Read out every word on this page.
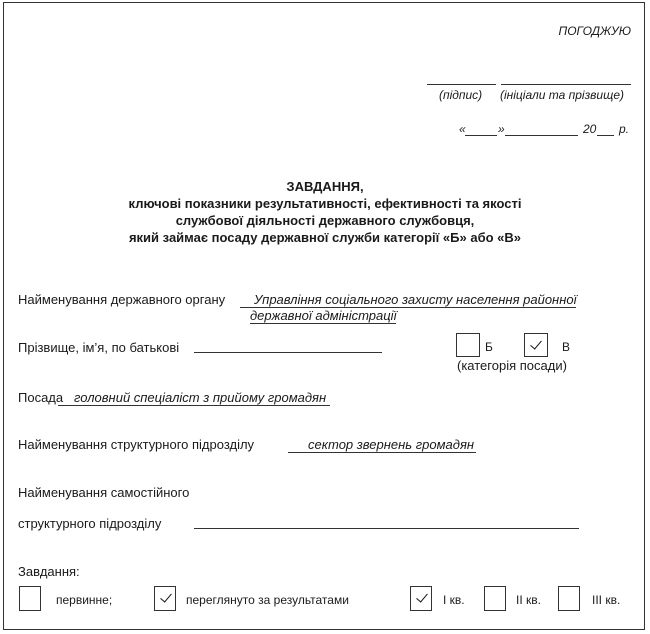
ПОГОДЖУЮ
(підпис) (ініціали та прізвище)
«	»	20 р.
ЗАВДАННЯ,
ключові показники результативності, ефективності та якості
службової діяльності державного службовця,
який займає посаду державної служби категорії «Б» або «В»
Найменування державного органу	Управління соціального захисту населення районної
державної адміністрації
Прізвище, ім’я, по батькові	Б	В
(категорія посади)
Посада головний спеціаліст з прийому громадян
Найменування структурного підрозділу	сектор звернень громадян
Найменування самостійного
структурного підрозділу
Завдання:
первинне;	переглянуто за результатами	І кв.	ІІ кв.	ІІІ кв.
